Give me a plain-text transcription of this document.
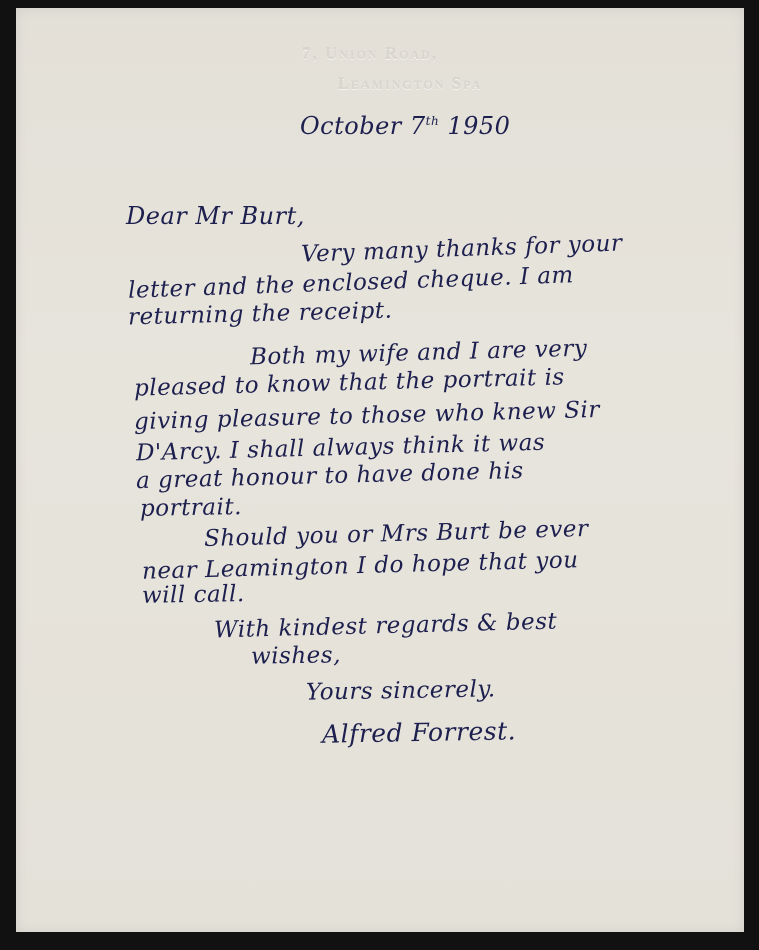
7, Union Road,
Leamington Spa
October 7th 1950
Dear Mr Burt,
Very many thanks for your
letter and the enclosed cheque. I am
returning the receipt.
Both my wife and I are very
pleased to know that the portrait is
giving pleasure to those who knew Sir
D'Arcy. I shall always think it was
a great honour to have done his
portrait.
Should you or Mrs Burt be ever
near Leamington I do hope that you
will call.
With kindest regards & best
wishes,
Yours sincerely.
Alfred Forrest.
